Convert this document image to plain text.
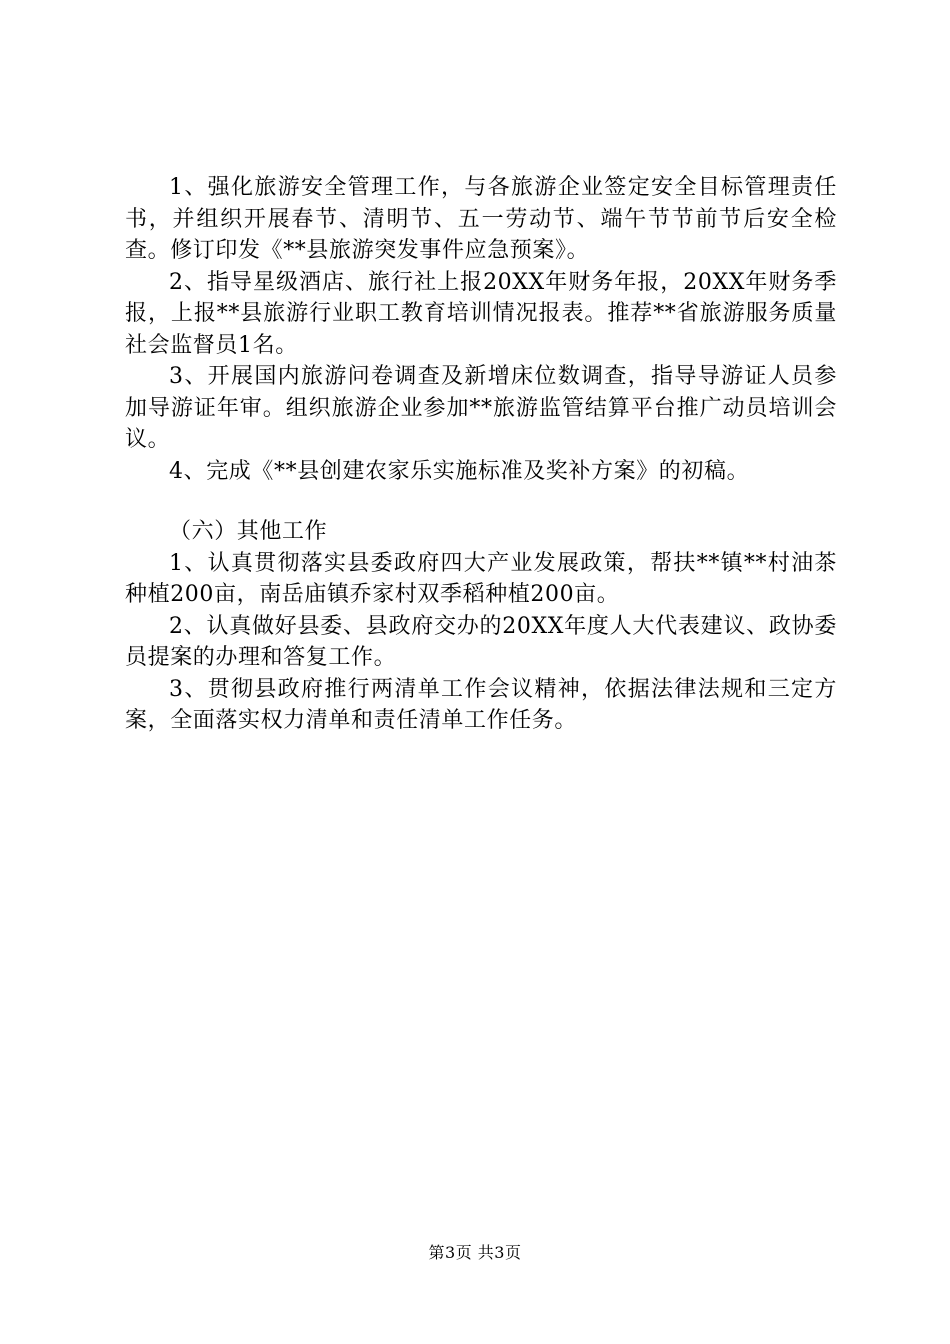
1、强化旅游安全管理工作，与各旅游企业签定安全目标管理责任书，并组织开展春节、清明节、五一劳动节、端午节节前节后安全检查。修订印发《**县旅游突发事件应急预案》。

2、指导星级酒店、旅行社上报20XX年财务年报，20XX年财务季报，上报**县旅游行业职工教育培训情况报表。推荐**省旅游服务质量社会监督员1名。

3、开展国内旅游问卷调查及新增床位数调查，指导导游证人员参加导游证年审。组织旅游企业参加**旅游监管结算平台推广动员培训会议。

4、完成《**县创建农家乐实施标准及奖补方案》的初稿。

（六）其他工作

1、认真贯彻落实县委政府四大产业发展政策，帮扶**镇**村油茶种植200亩，南岳庙镇乔家村双季稻种植200亩。

2、认真做好县委、县政府交办的20XX年度人大代表建议、政协委员提案的办理和答复工作。

3、贯彻县政府推行两清单工作会议精神，依据法律法规和三定方案，全面落实权力清单和责任清单工作任务。

第3页 共3页
